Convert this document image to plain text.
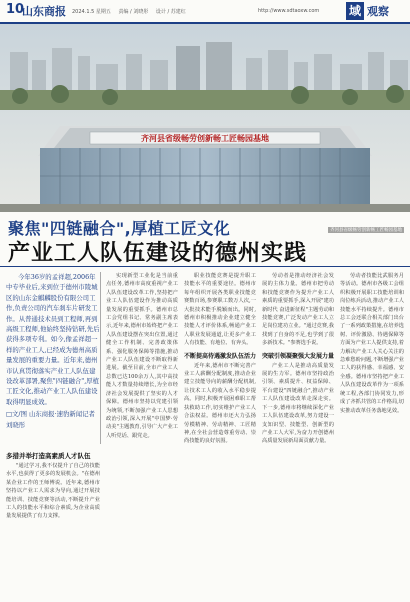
10
山东商报 2024.1.5 星期五 责编 / 刘晓彤 设计 / 苏建红	http://www.sdtaoxw.com 域 观察
齐河县省级畅劳创新畅工匠畅园基地
齐河县省级畅劳创新畅工匠畅园基地
聚焦"四链融合",厚植工匠文化
产业工人队伍建设的德州实践

今年36岁的孟祥超,2006年中专毕业后,来到位于德州市陵城区的山东金麒麟股份有限公司工作,负责公司的汽车刹车片研发工作。从普通技术员到工程师,再到高级工程师,他始终坚持钻研,先后获得多项专利。如今,像孟祥超一样的产业工人,已经成为德州高质量发展的重要力量。近年来,德州市认真贯彻落实产业工人队伍建设改革部署,聚焦"四链融合",厚植工匠文化,推动产业工人队伍建设取得明显成效。

□文/图 山东商报·速豹新闻记者 刘晓彤

多措并举打造高素质人才队伍

"通过学习,我不仅提升了自己的技能水平,也获得了更多的发展机会。"在德州某企业工作的王师傅说。近年来,德州市坚持以产业工人需求为导向,通过开展技能培训、技能竞赛等活动,不断提升产业工人的技能水平和综合素质,为企业高质量发展提供了有力支撑。

实现新型工业化是当前重点任务,德州市高度重视产业工人队伍建设改革工作,坚持把产业工人队伍建设作为推动高质量发展的重要抓手。德州市总工会党组书记、常务副主席表示,近年来,德州市始终把产业工人队伍建设摆在突出位置,通过健全工作机制、完善政策体系、强化服务保障等措施,推动产业工人队伍建设不断取得新进展。截至目前,全市产业工人总数已达100余万人,其中高技能人才数量持续增长,为全市经济社会发展提供了坚实的人才保障。德州市坚持以党建引领为统领,不断加强产业工人思想政治引领,深入开展"中国梦·劳动美"主题教育,引导广大产业工人听党话、跟党走。

职业技能竞赛是提升职工技能水平的重要途径。德州市每年组织开展各类职业技能竞赛数百场,参赛职工数万人次,一大批技术能手脱颖而出。同时,德州市积极推动企业建立健全技能人才评价体系,畅通产业工人职业发展通道,让更多产业工人有技能、有地位、有奔头。

不断提高待遇激发队伍活力

近年来,德州市不断完善产业工人薪酬分配制度,推动企业建立技能导向的薪酬分配机制,让技术工人的收入水平稳步提高。同时,积极开展困难职工帮扶救助工作,切实维护产业工人合法权益。德州市还大力弘扬劳模精神、劳动精神、工匠精神,在全社会营造尊重劳动、崇尚技能的良好氛围。

劳动者是推动经济社会发展的主体力量。德州市把劳动和技能竞赛作为提升产业工人素质的重要抓手,深入开展"建功新时代 奋进新征程"主题劳动和技能竞赛,广泛发动产业工人立足岗位建功立业。"通过竞赛,我找到了自身的不足,也学到了很多新技术。"参赛选手说。

突破引领凝聚强大发展力量

产业工人是推动高质量发展的生力军。德州市坚持政治引领、素质提升、权益保障、平台建设"四链融合",推动产业工人队伍建设改革走深走实。下一步,德州市将继续深化产业工人队伍建设改革,努力建设一支知识型、技能型、创新型的产业工人大军,为奋力开创德州高质量发展新局面贡献力量。

劳动者技能比武服务月等活动。德州市各级工会组织积极开展职工技能培训和岗位练兵活动,推动产业工人技能水平持续提升。德州市总工会还联合相关部门出台了一系列政策措施,在培养选树、评价激励、待遇保障等方面为产业工人提供支持,着力解决产业工人关心关注的急难愁盼问题,不断增强产业工人的获得感、幸福感、安全感。德州市坚持把产业工人队伍建设改革作为一项系统工程,各部门协同发力,形成了齐抓共管的工作格局,切实推动改革任务落地见效。
